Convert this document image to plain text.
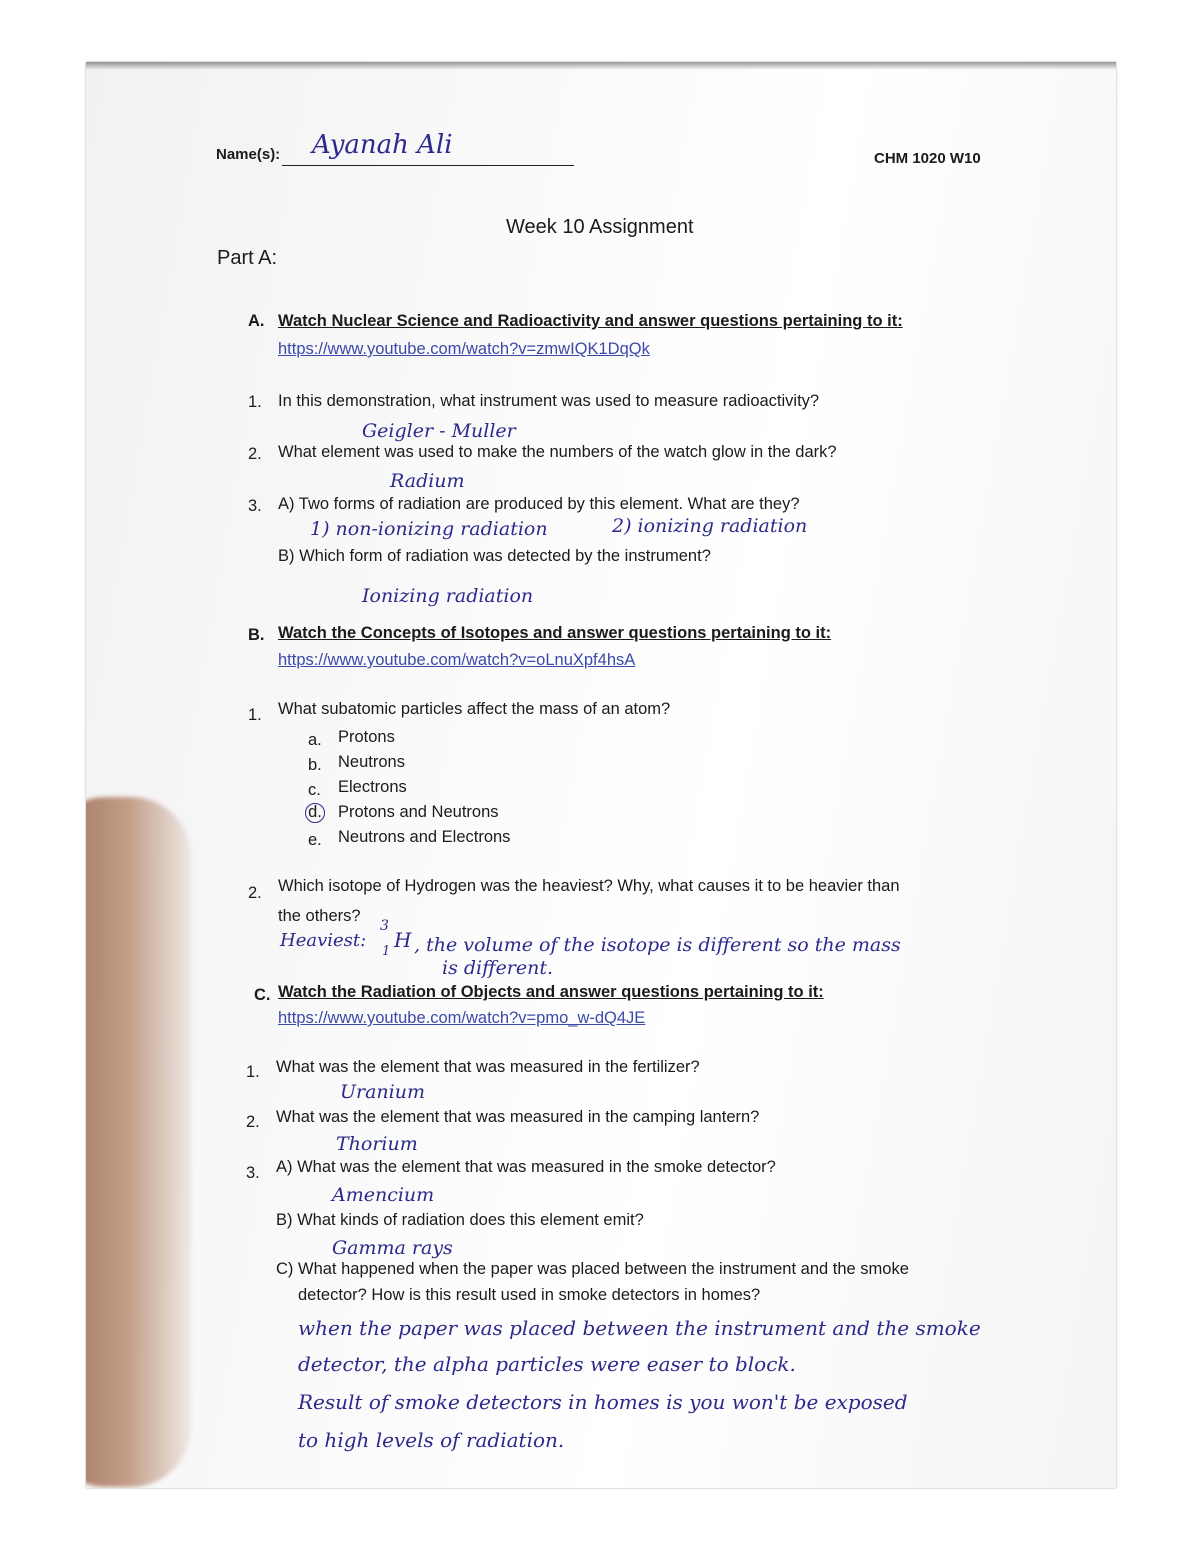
Name(s): Ayanah Ali	CHM 1020 W10
Week 10 Assignment
Part A:
A. Watch Nuclear Science and Radioactivity and answer questions pertaining to it:
https://www.youtube.com/watch?v=zmwIQK1DqQk
1. In this demonstration, what instrument was used to measure radioactivity?
Geigler - Muller
2. What element was used to make the numbers of the watch glow in the dark?
Radium
3. A) Two forms of radiation are produced by this element. What are they?
1) non-ionizing radiation	2) ionizing radiation
B) Which form of radiation was detected by the instrument?
Ionizing radiation
B. Watch the Concepts of Isotopes and answer questions pertaining to it:
https://www.youtube.com/watch?v=oLnuXpf4hsA
1. What subatomic particles affect the mass of an atom?
a. Protons
b. Neutrons
c. Electrons
d. Protons and Neutrons
e. Neutrons and Electrons
2. Which isotope of Hydrogen was the heaviest? Why, what causes it to be heavier than
the others?
Heaviest:
3
H
1 , the volume of the isotope is different so the mass
is different.
C. Watch the Radiation of Objects and answer questions pertaining to it:
https://www.youtube.com/watch?v=pmo_w-dQ4JE
1. What was the element that was measured in the fertilizer?
Uranium
2. What was the element that was measured in the camping lantern?
Thorium
3. A) What was the element that was measured in the smoke detector?
Amencium
B) What kinds of radiation does this element emit?
Gamma rays
C) What happened when the paper was placed between the instrument and the smoke
detector? How is this result used in smoke detectors in homes?
when the paper was placed between the instrument and the smoke
detector, the alpha particles were easer to block.
Result of smoke detectors in homes is you won't be exposed
to high levels of radiation.
